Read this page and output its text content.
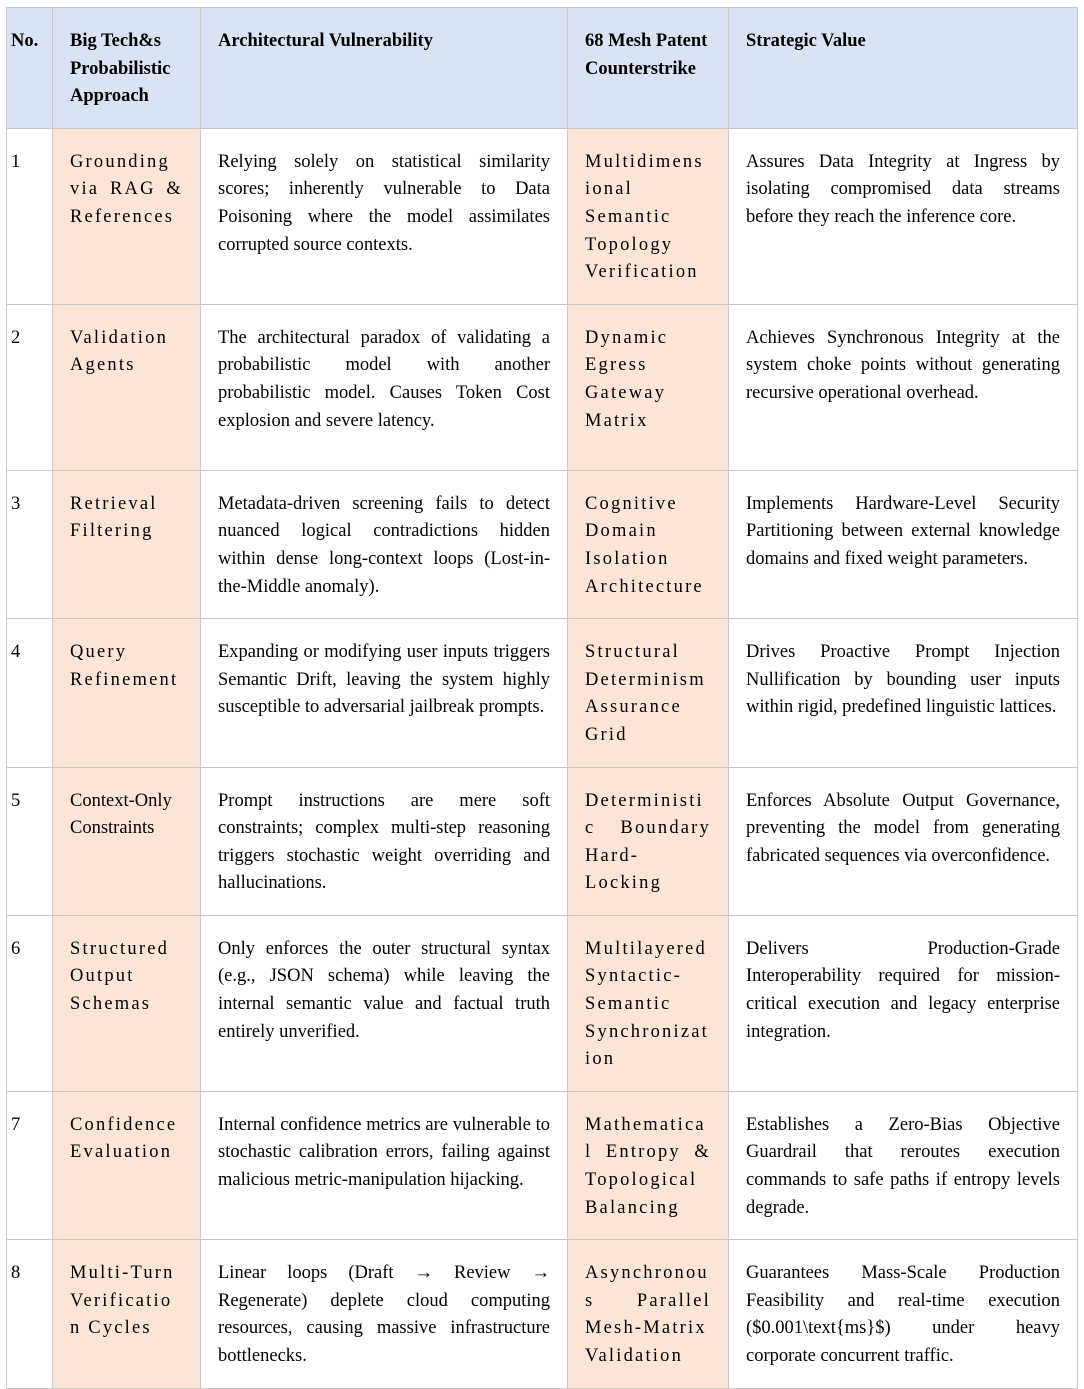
No.	Big Tech&s Probabilistic Approach	Architectural Vulnerability	68 Mesh Patent Counterstrike	Strategic Value
1	Grounding via RAG & References	Relying solely on statistical similarity scores; inherently vulnerable to Data Poisoning where the model assimilates corrupted source contexts.	Multidimensional Semantic Topology Verification	Assures Data Integrity at Ingress by isolating compromised data streams before they reach the inference core.
2	Validation Agents	The architectural paradox of validating a probabilistic model with another probabilistic model. Causes Token Cost explosion and severe latency.	Dynamic Egress Gateway Matrix	Achieves Synchronous Integrity at the system choke points without generating recursive operational overhead.
3	Retrieval Filtering	Metadata-driven screening fails to detect nuanced logical contradictions hidden within dense long-context loops (Lost-in-the-Middle anomaly).	Cognitive Domain Isolation Architecture	Implements Hardware-Level Security Partitioning between external knowledge domains and fixed weight parameters.
4	Query Refinement	Expanding or modifying user inputs triggers Semantic Drift, leaving the system highly susceptible to adversarial jailbreak prompts.	Structural Determinism Assurance Grid	Drives Proactive Prompt Injection Nullification by bounding user inputs within rigid, predefined linguistic lattices.
5	Context-Only Constraints	Prompt instructions are mere soft constraints; complex multi-step reasoning triggers stochastic weight overriding and hallucinations.	Deterministic Boundary Hard-Locking	Enforces Absolute Output Governance, preventing the model from generating fabricated sequences via overconfidence.
6	Structured Output Schemas	Only enforces the outer structural syntax (e.g., JSON schema) while leaving the internal semantic value and factual truth entirely unverified.	Multilayered Syntactic-Semantic Synchronization	Delivers Production-Grade Interoperability required for mission-critical execution and legacy enterprise integration.
7	Confidence Evaluation	Internal confidence metrics are vulnerable to stochastic calibration errors, failing against malicious metric-manipulation hijacking.	Mathematical Entropy & Topological Balancing	Establishes a Zero-Bias Objective Guardrail that reroutes execution commands to safe paths if entropy levels degrade.
8	Multi-Turn Verification Cycles	Linear loops (Draft → Review → Regenerate) deplete cloud computing resources, causing massive infrastructure bottlenecks.	Asynchronous Parallel Mesh-Matrix Validation	Guarantees Mass-Scale Production Feasibility and real-time execution ($0.001\text{ms}$) under heavy corporate concurrent traffic.
